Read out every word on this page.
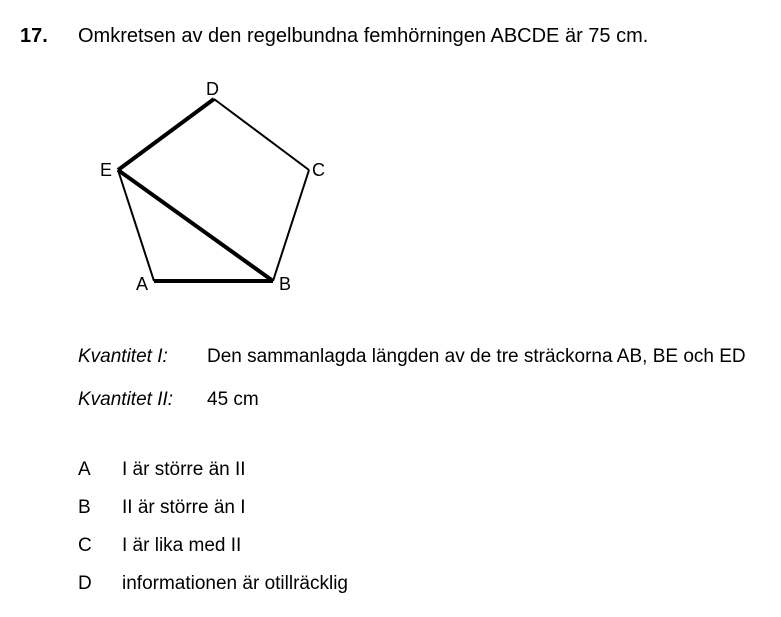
17. Omkretsen av den regelbundna femhörningen ABCDE är 75 cm.
D
C
E
A	B
Kvantitet I: Den sammanlagda längden av de tre sträckorna AB, BE och ED
Kvantitet II: 45 cm
A I är större än II
B II är större än I
C I är lika med II
D informationen är otillräcklig
